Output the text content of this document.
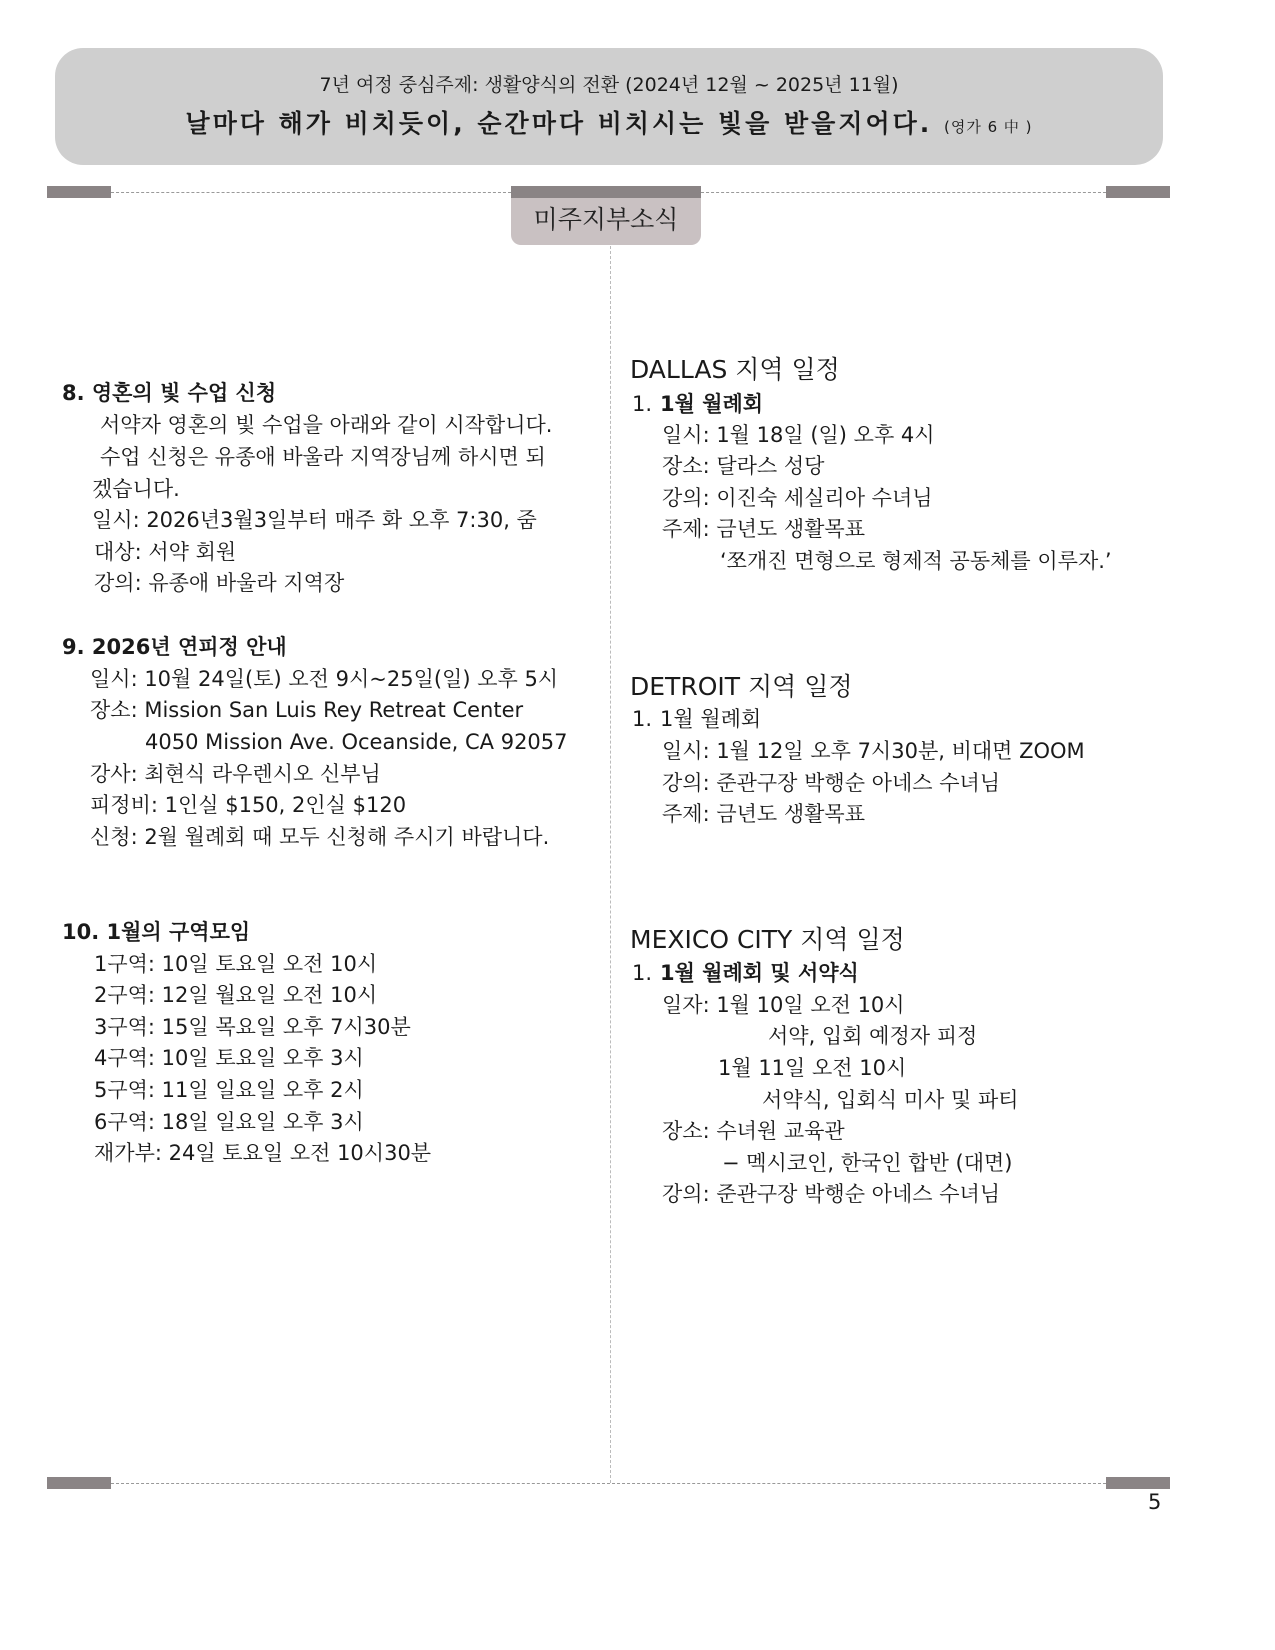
7년 여정 중심주제: 생활양식의 전환 (2024년 12월 ~ 2025년 11월)
날마다 해가 비치듯이, 순간마다 비치시는 빛을 받을지어다. (영가 6 中 )
미주지부소식
8. 영혼의 빛 수업 신청
서약자 영혼의 빛 수업을 아래와 같이 시작합니다.
수업 신청은 유종애 바울라 지역장님께 하시면 되
겠습니다.
일시: 2026년3월3일부터 매주 화 오후 7:30, 줌
대상: 서약 회원
강의: 유종애 바울라 지역장
9. 2026년 연피정 안내
일시: 10월 24일(토) 오전 9시~25일(일) 오후 5시
장소: Mission San Luis Rey Retreat Center
4050 Mission Ave. Oceanside, CA 92057
강사: 최현식 라우렌시오 신부님
피정비: 1인실 $150, 2인실 $120
신청: 2월 월례회 때 모두 신청해 주시기 바랍니다.
10. 1월의 구역모임
1구역: 10일 토요일 오전 10시
2구역: 12일 월요일 오전 10시
3구역: 15일 목요일 오후 7시30분
4구역: 10일 토요일 오후 3시
5구역: 11일 일요일 오후 2시
6구역: 18일 일요일 오후 3시
재가부: 24일 토요일 오전 10시30분
DALLAS 지역 일정
1. 1월 월례회
일시: 1월 18일 (일) 오후 4시
장소: 달라스 성당
강의: 이진숙 세실리아 수녀님
주제: 금년도 생활목표
‘쪼개진 면형으로 형제적 공동체를 이루자.’
DETROIT 지역 일정
1. 1월 월례회
일시: 1월 12일 오후 7시30분, 비대면 ZOOM
강의: 준관구장 박행순 아네스 수녀님
주제: 금년도 생활목표
MEXICO CITY 지역 일정
1. 1월 월례회 및 서약식
일자: 1월 10일 오전 10시
서약, 입회 예정자 피정
1월 11일 오전 10시
서약식, 입회식 미사 및 파티
장소: 수녀원 교육관
− 멕시코인, 한국인 합반 (대면)
강의: 준관구장 박행순 아네스 수녀님
5
